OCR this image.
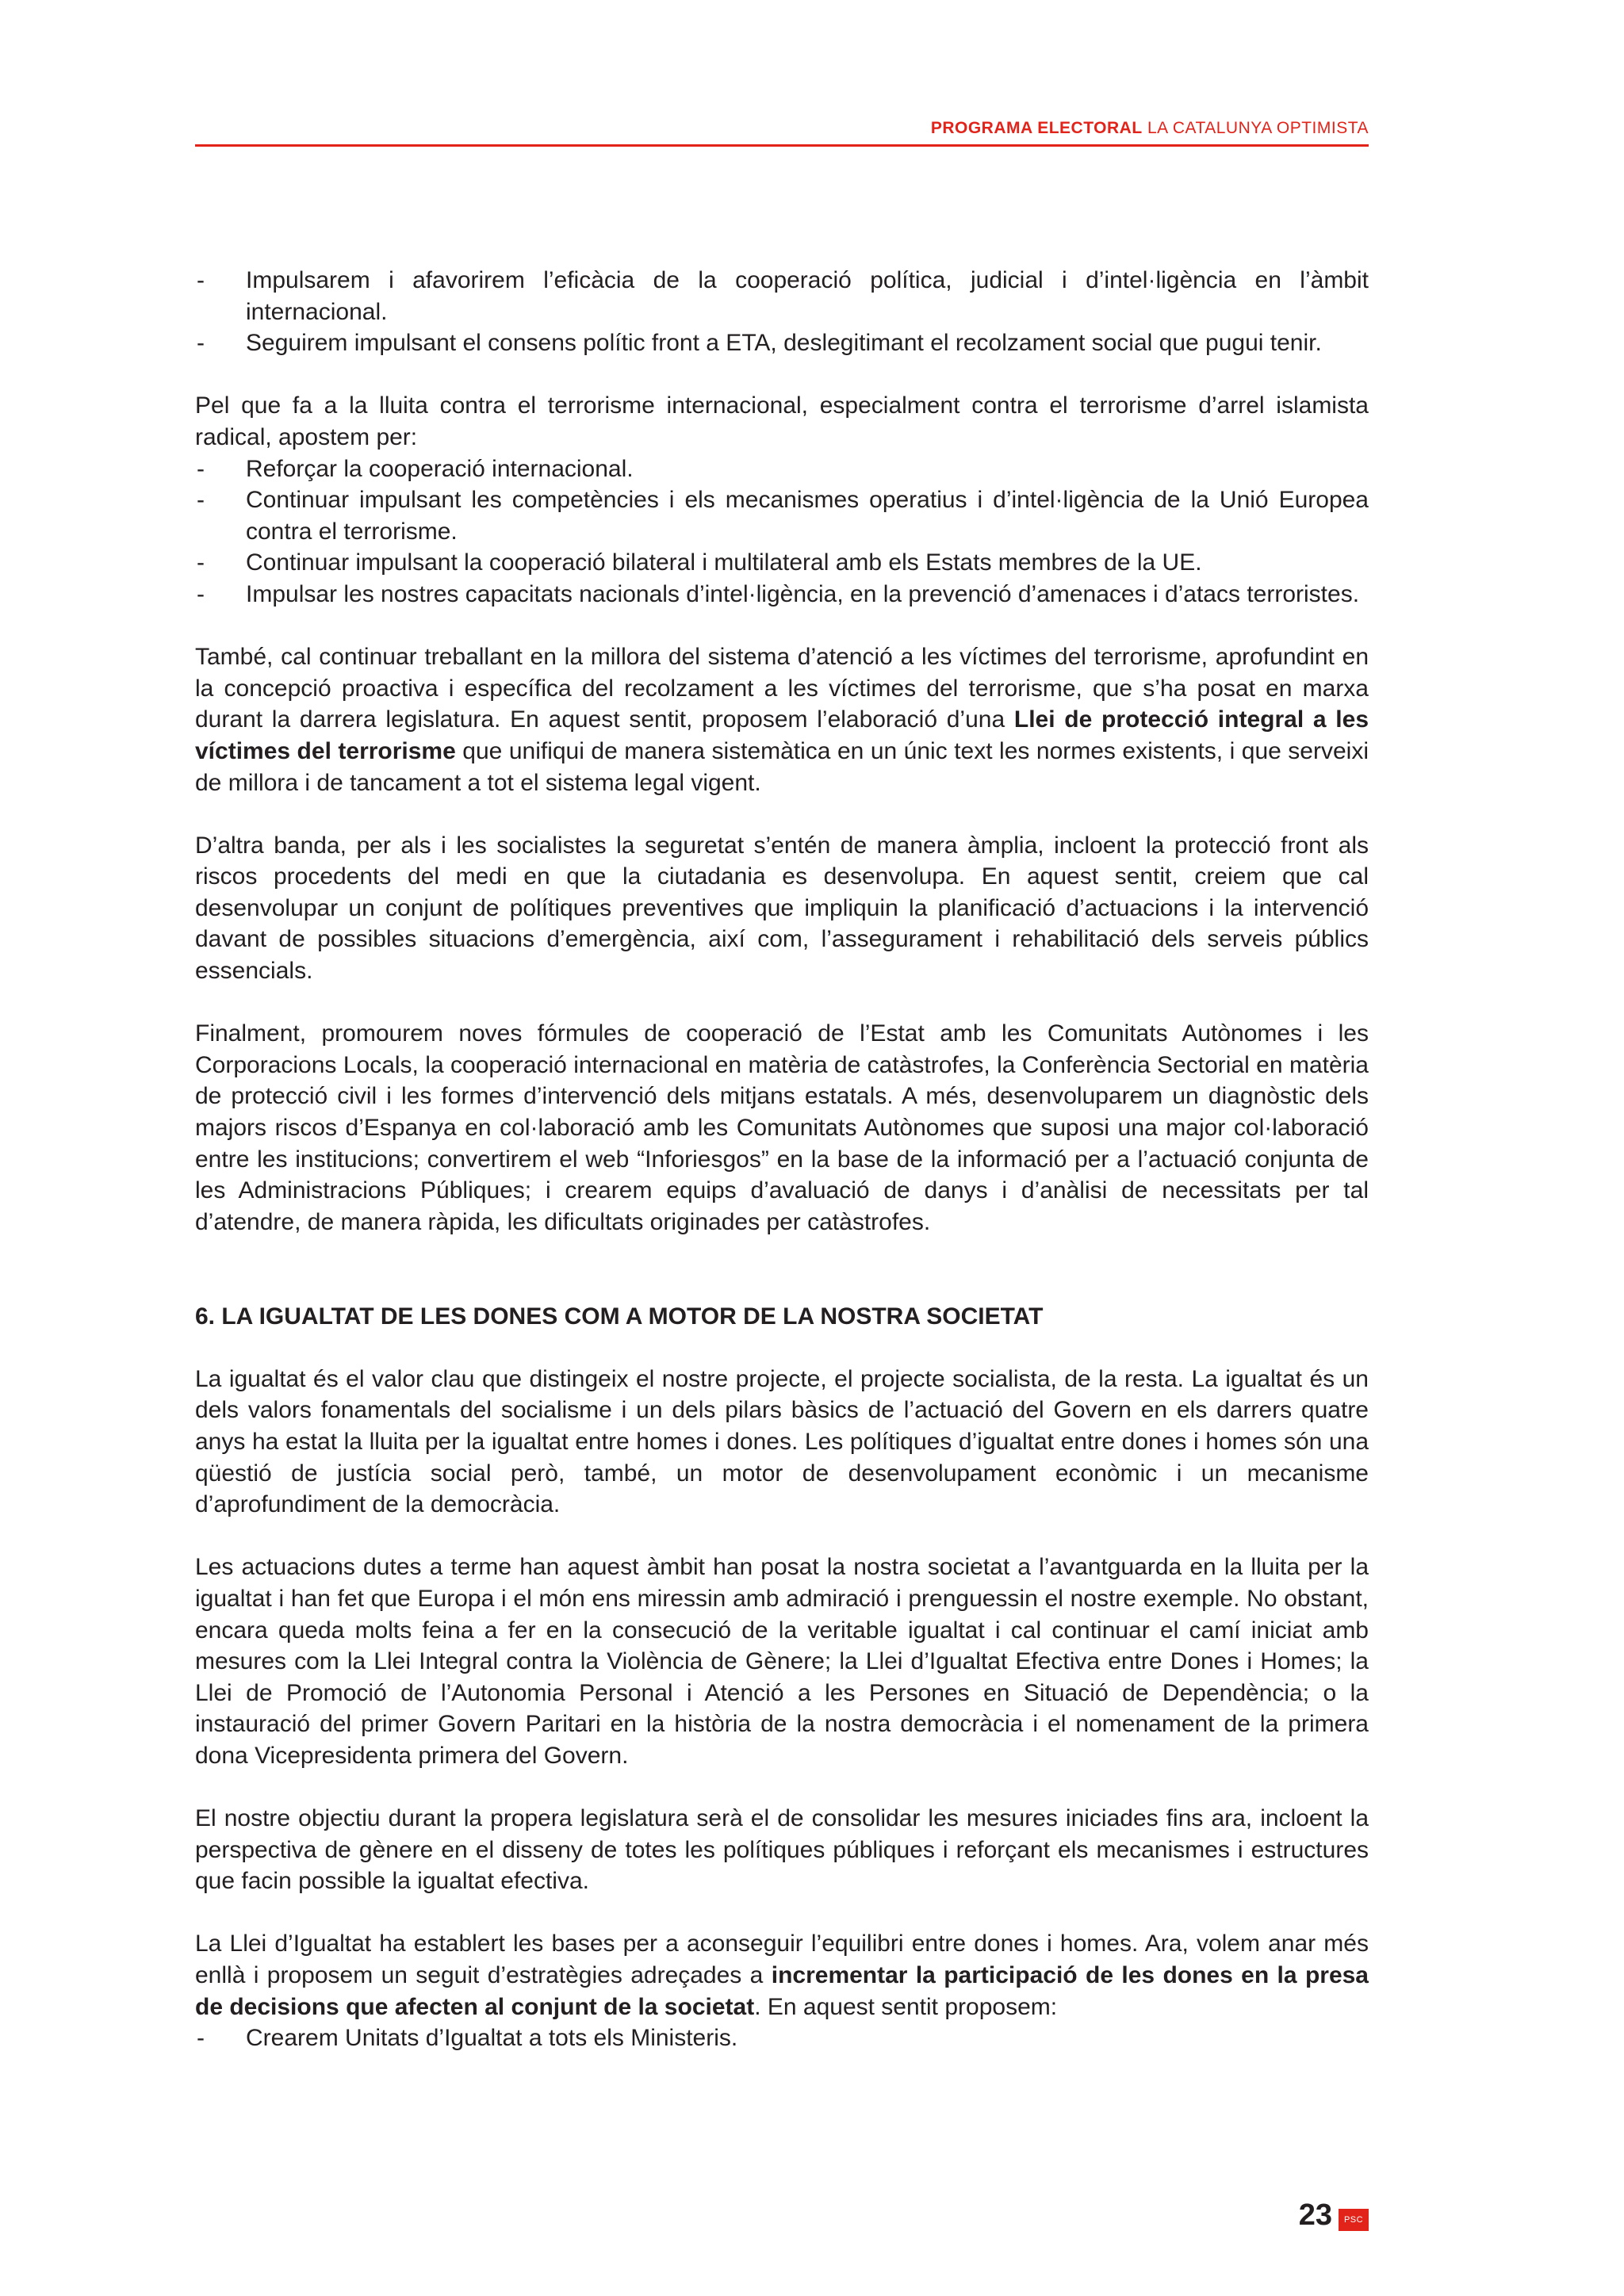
PROGRAMA ELECTORAL LA CATALUNYA OPTIMISTA
- Impulsarem i afavorirem l’eficàcia de la cooperació política, judicial i d’intel·ligència en l’àmbit internacional.
- Seguirem impulsant el consens polític front a ETA, deslegitimant el recolzament social que pugui tenir.

Pel que fa a la lluita contra el terrorisme internacional, especialment contra el terrorisme d’arrel islamista radical, apostem per:

- Reforçar la cooperació internacional.
- Continuar impulsant les competències i els mecanismes operatius i d’intel·ligència de la Unió Europea contra el terrorisme.
- Continuar impulsant la cooperació bilateral i multilateral amb els Estats membres de la UE.
- Impulsar les nostres capacitats nacionals d’intel·ligència, en la prevenció d’amenaces i d’atacs terroristes.

També, cal continuar treballant en la millora del sistema d’atenció a les víctimes del terrorisme, aprofundint en la concepció proactiva i específica del recolzament a les víctimes del terrorisme, que s’ha posat en marxa durant la darrera legislatura. En aquest sentit, proposem l’elaboració d’una Llei de protecció integral a les víctimes del terrorisme que unifiqui de manera sistemàtica en un únic text les normes existents, i que serveixi de millora i de tancament a tot el sistema legal vigent.

D’altra banda, per als i les socialistes la seguretat s’entén de manera àmplia, incloent la protecció front als riscos procedents del medi en que la ciutadania es desenvolupa. En aquest sentit, creiem que cal desenvolupar un conjunt de polítiques preventives que impliquin la planificació d’actuacions i la intervenció davant de possibles situacions d’emergència, així com, l’assegurament i rehabilitació dels serveis públics essencials.

Finalment, promourem noves fórmules de cooperació de l’Estat amb les Comunitats Autònomes i les Corporacions Locals, la cooperació internacional en matèria de catàstrofes, la Conferència Sectorial en matèria de protecció civil i les formes d’intervenció dels mitjans estatals. A més, desenvoluparem un diagnòstic dels majors riscos d’Espanya en col·laboració amb les Comunitats Autònomes que suposi una major col·laboració entre les institucions; convertirem el web “Inforiesgos” en la base de la informació per a l’actuació conjunta de les Administracions Públiques; i crearem equips d’avaluació de danys i d’anàlisi de necessitats per tal d’atendre, de manera ràpida, les dificultats originades per catàstrofes.

6. LA IGUALTAT DE LES DONES COM A MOTOR DE LA NOSTRA SOCIETAT

La igualtat és el valor clau que distingeix el nostre projecte, el projecte socialista, de la resta. La igualtat és un dels valors fonamentals del socialisme i un dels pilars bàsics de l’actuació del Govern en els darrers quatre anys ha estat la lluita per la igualtat entre homes i dones. Les polítiques d’igualtat entre dones i homes són una qüestió de justícia social però, també, un motor de desenvolupament econòmic i un mecanisme d’aprofundiment de la democràcia.

Les actuacions dutes a terme han aquest àmbit han posat la nostra societat a l’avantguarda en la lluita per la igualtat i han fet que Europa i el món ens miressin amb admiració i prenguessin el nostre exemple. No obstant, encara queda molts feina a fer en la consecució de la veritable igualtat i cal continuar el camí iniciat amb mesures com la Llei Integral contra la Violència de Gènere; la Llei d’Igualtat Efectiva entre Dones i Homes; la Llei de Promoció de l’Autonomia Personal i Atenció a les Persones en Situació de Dependència; o la instauració del primer Govern Paritari en la història de la nostra democràcia i el nomenament de la primera dona Vicepresidenta primera del Govern.

El nostre objectiu durant la propera legislatura serà el de consolidar les mesures iniciades fins ara, incloent la perspectiva de gènere en el disseny de totes les polítiques públiques i reforçant els mecanismes i estructures que facin possible la igualtat efectiva.

La Llei d’Igualtat ha establert les bases per a aconseguir l’equilibri entre dones i homes. Ara, volem anar més enllà i proposem un seguit d’estratègies adreçades a incrementar la participació de les dones en la presa de decisions que afecten al conjunt de la societat. En aquest sentit proposem:

- Crearem Unitats d’Igualtat a tots els Ministeris.
23	PSC
